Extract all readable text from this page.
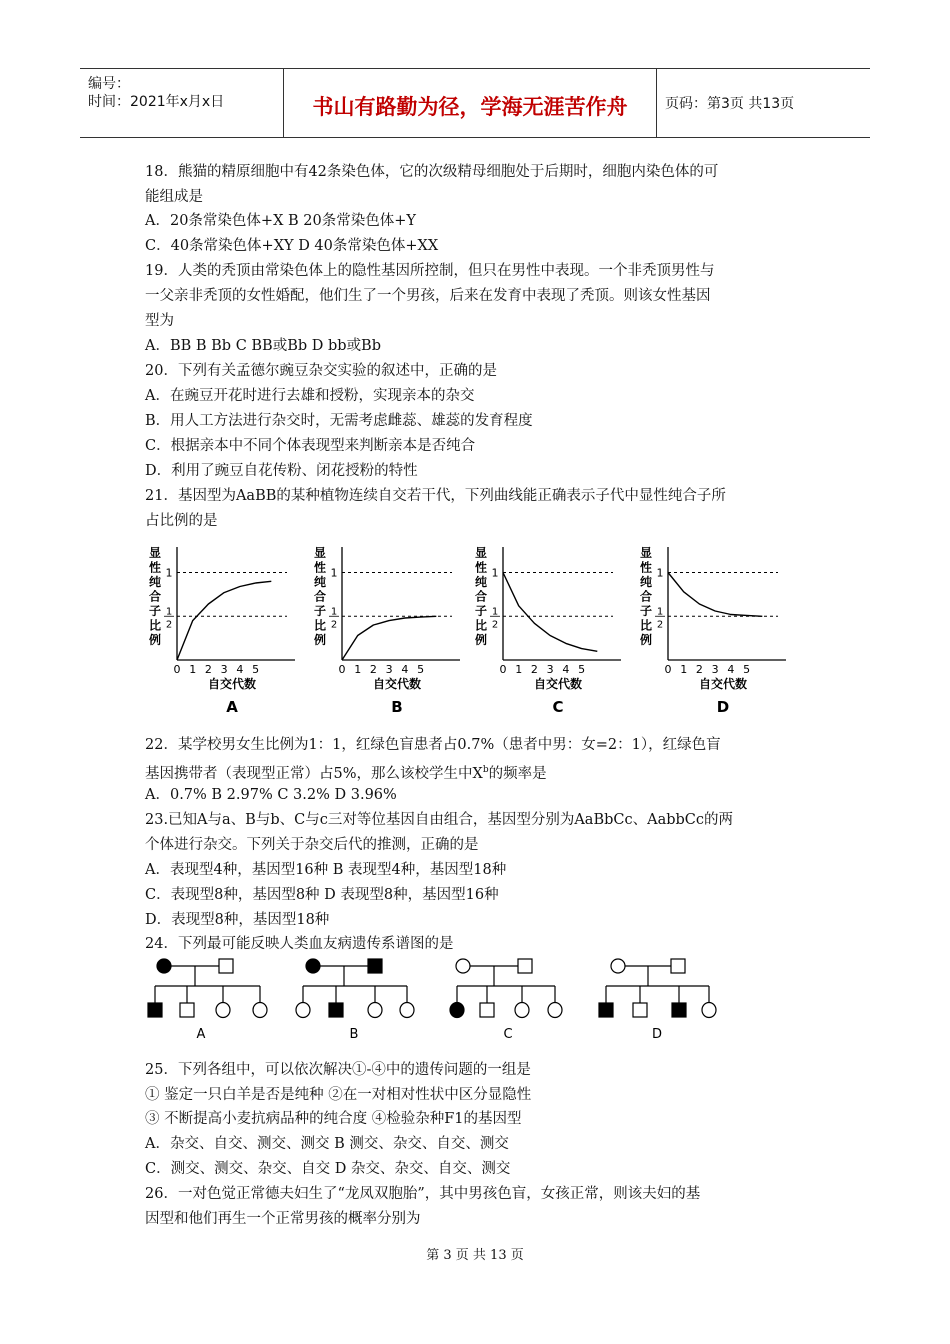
编号：
时间：2021年x月x日	书山有路勤为径，学海无涯苦作舟	页码：第3页 共13页
18．熊猫的精原细胞中有42条染色体，它的次级精母细胞处于后期时，细胞内染色体的可
能组成是
A．20条常染色体+X B 20条常染色体+Y
C．40条常染色体+XY D 40条常染色体+XX
19．人类的秃顶由常染色体上的隐性基因所控制，但只在男性中表现。一个非秃顶男性与
一父亲非秃顶的女性婚配，他们生了一个男孩，后来在发育中表现了秃顶。则该女性基因
型为
A．BB B Bb C BB或Bb D bb或Bb
20．下列有关孟德尔豌豆杂交实验的叙述中，正确的是
A．在豌豆开花时进行去雄和授粉，实现亲本的杂交
B．用人工方法进行杂交时，无需考虑雌蕊、雄蕊的发育程度
C．根据亲本中不同个体表现型来判断亲本是否纯合
D．利用了豌豆自花传粉、闭花授粉的特性
21．基因型为AaBB的某种植物连续自交若干代，下列曲线能正确表示子代中显性纯合子所
占比例的是
1
1
2
显
性
纯
合
子
比
例
0 1 2 3 4 5
自交代数
A
1
1
2
显
性
纯
合
子
比
例
0 1 2 3 4 5
自交代数
B
1
1
2
显
性
纯
合
子
比
例
0 1 2 3 4 5
自交代数
C
1
1
2
显
性
纯
合
子
比
例
0 1 2 3 4 5
自交代数
D
22．某学校男女生比例为1：1，红绿色盲患者占0.7%（患者中男：女=2：1），红绿色盲
基因携带者（表现型正常）占5%，那么该校学生中$X^b$的频率是
A．0.7% B 2.97% C 3.2% D 3.96%
23.已知A与a、B与b、C与c三对等位基因自由组合，基因型分别为AaBbCc、AabbCc的两
个体进行杂交。下列关于杂交后代的推测，正确的是
A．表现型4种，基因型16种 B 表现型4种，基因型18种
C．表现型8种，基因型8种 D 表现型8种，基因型16种
D．表现型8种，基因型18种
24．下列最可能反映人类血友病遗传系谱图的是
A	B	C	D
25．下列各组中，可以依次解决①-④中的遗传问题的一组是
① 鉴定一只白羊是否是纯种 ②在一对相对性状中区分显隐性
③ 不断提高小麦抗病品种的纯合度 ④检验杂种F1的基因型
A．杂交、自交、测交、测交 B 测交、杂交、自交、测交
C．测交、测交、杂交、自交 D 杂交、杂交、自交、测交
26．一对色觉正常德夫妇生了“龙凤双胞胎”，其中男孩色盲，女孩正常，则该夫妇的基
因型和他们再生一个正常男孩的概率分别为
第 3 页 共 13 页
